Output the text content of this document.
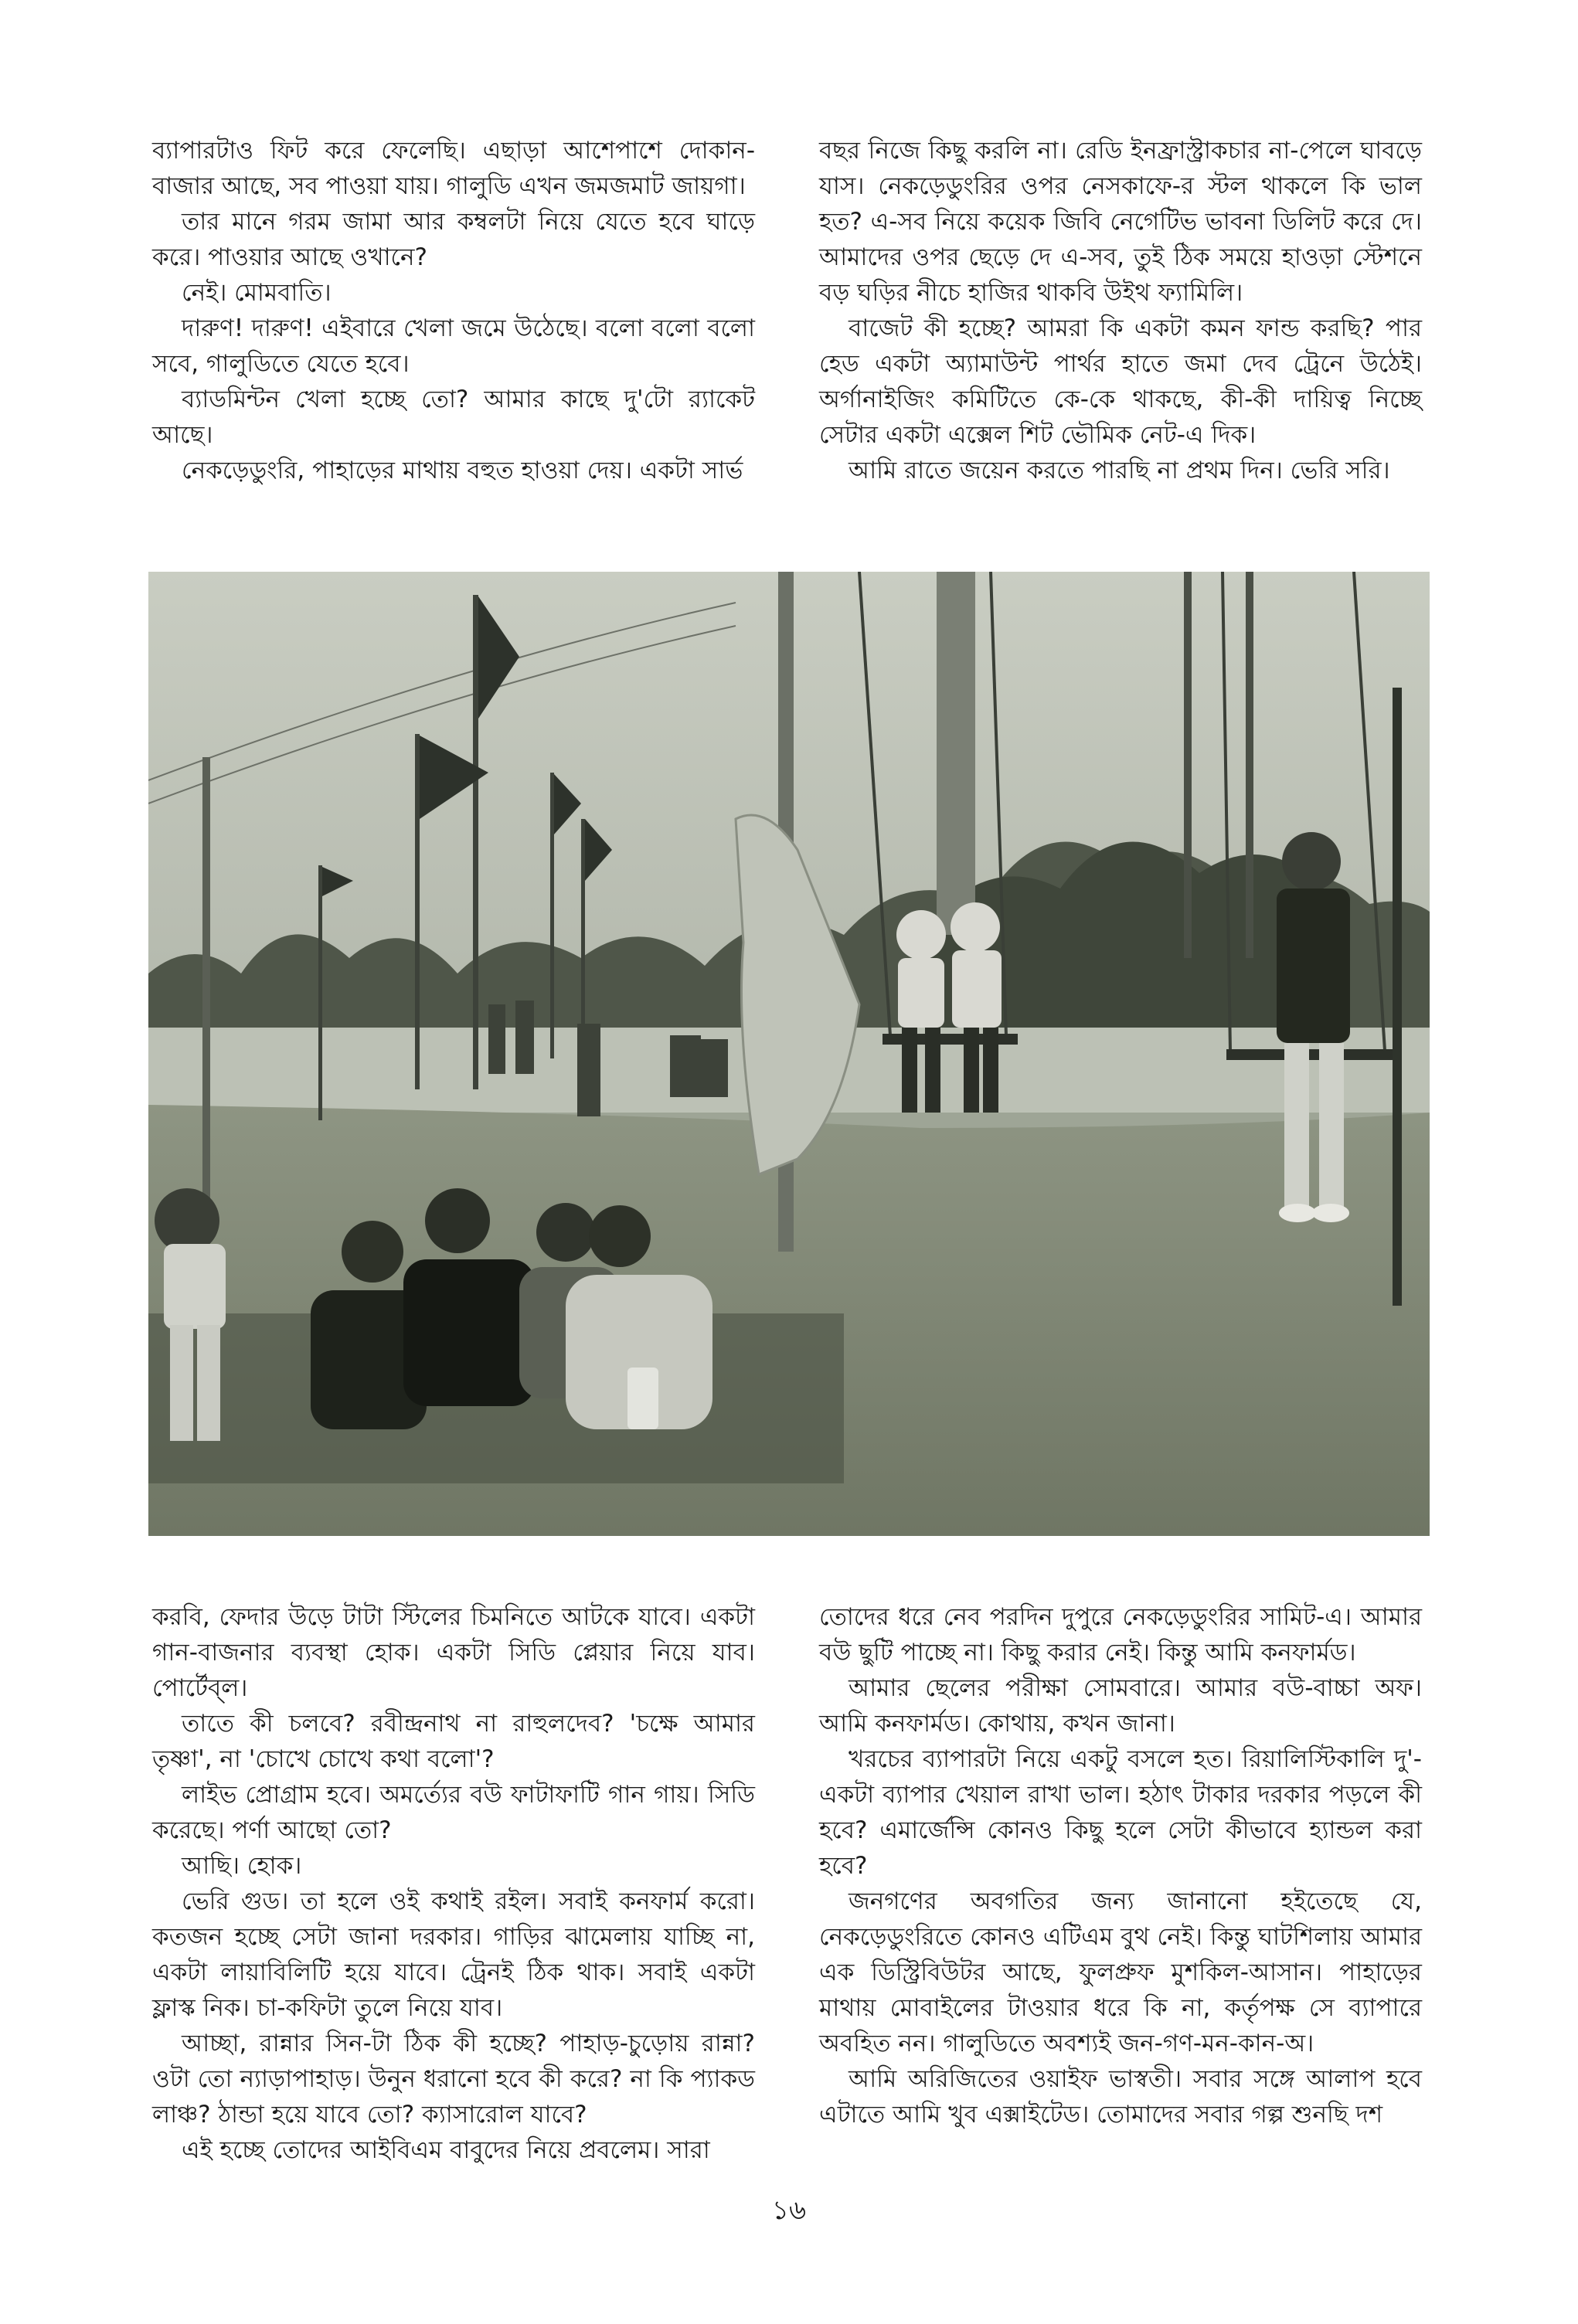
ব্যাপারটাও ফিট করে ফেলেছি। এছাড়া আশেপাশে দোকান-বাজার আছে, সব পাওয়া যায়। গালুডি এখন জমজমাট জায়গা।

তার মানে গরম জামা আর কম্বলটা নিয়ে যেতে হবে ঘাড়ে করে। পাওয়ার আছে ওখানে?

নেই। মোমবাতি।

দারুণ! দারুণ! এইবারে খেলা জমে উঠেছে। বলো বলো বলো সবে, গালুডিতে যেতে হবে।

ব্যাডমিন্টন খেলা হচ্ছে তো? আমার কাছে দু'টো র‍্যাকেট আছে।

নেকড়েডুংরি, পাহাড়ের মাথায় বহুত হাওয়া দেয়। একটা সার্ভ

বছর নিজে কিছু করলি না। রেডি ইনফ্রাস্ট্রাকচার না-পেলে ঘাবড়ে যাস। নেকড়েডুংরির ওপর নেসকাফে-র স্টল থাকলে কি ভাল হত? এ-সব নিয়ে কয়েক জিবি নেগেটিভ ভাবনা ডিলিট করে দে। আমাদের ওপর ছেড়ে দে এ-সব, তুই ঠিক সময়ে হাওড়া স্টেশনে বড় ঘড়ির নীচে হাজির থাকবি উইথ ফ্যামিলি।

বাজেট কী হচ্ছে? আমরা কি একটা কমন ফান্ড করছি? পার হেড একটা অ্যামাউন্ট পার্থর হাতে জমা দেব ট্রেনে উঠেই। অর্গানাইজিং কমিটিতে কে-কে থাকছে, কী-কী দায়িত্ব নিচ্ছে সেটার একটা এক্সেল শিট ভৌমিক নেট-এ দিক।

আমি রাতে জয়েন করতে পারছি না প্রথম দিন। ভেরি সরি।

করবি, ফেদার উড়ে টাটা স্টিলের চিমনিতে আটকে যাবে। একটা গান-বাজনার ব্যবস্থা হোক। একটা সিডি প্লেয়ার নিয়ে যাব। পোর্টেব্‌ল।

তাতে কী চলবে? রবীন্দ্রনাথ না রাহুলদেব? 'চক্ষে আমার তৃষ্ণা', না 'চোখে চোখে কথা বলো'?

লাইভ প্রোগ্রাম হবে। অমর্ত্যের বউ ফাটাফাটি গান গায়। সিডি করেছে। পর্ণা আছো তো?

আছি। হোক।

ভেরি গুড। তা হলে ওই কথাই রইল। সবাই কনফার্ম করো। কতজন হচ্ছে সেটা জানা দরকার। গাড়ির ঝামেলায় যাচ্ছি না, একটা লায়াবিলিটি হয়ে যাবে। ট্রেনই ঠিক থাক। সবাই একটা ফ্লাস্ক নিক। চা-কফিটা তুলে নিয়ে যাব।

আচ্ছা, রান্নার সিন-টা ঠিক কী হচ্ছে? পাহাড়-চুড়োয় রান্না? ওটা তো ন্যাড়াপাহাড়। উনুন ধরানো হবে কী করে? না কি প্যাকড লাঞ্চ? ঠান্ডা হয়ে যাবে তো? ক্যাসারোল যাবে?

এই হচ্ছে তোদের আইবিএম বাবুদের নিয়ে প্রবলেম। সারা

তোদের ধরে নেব পরদিন দুপুরে নেকড়েডুংরির সামিট-এ। আমার বউ ছুটি পাচ্ছে না। কিছু করার নেই। কিন্তু আমি কনফার্মড।

আমার ছেলের পরীক্ষা সোমবারে। আমার বউ-বাচ্চা অফ। আমি কনফার্মড। কোথায়, কখন জানা।

খরচের ব্যাপারটা নিয়ে একটু বসলে হত। রিয়ালিস্টিকালি দু'-একটা ব্যাপার খেয়াল রাখা ভাল। হঠাৎ টাকার দরকার পড়লে কী হবে? এমার্জেন্সি কোনও কিছু হলে সেটা কীভাবে হ্যান্ডল করা হবে?

জনগণের অবগতির জন্য জানানো হইতেছে যে, নেকড়েডুংরিতে কোনও এটিএম বুথ নেই। কিন্তু ঘাটশিলায় আমার এক ডিস্ট্রিবিউটর আছে, ফুলপ্রুফ মুশকিল-আসান। পাহাড়ের মাথায় মোবাইলের টাওয়ার ধরে কি না, কর্তৃপক্ষ সে ব্যাপারে অবহিত নন। গালুডিতে অবশ্যই জন-গণ-মন-কান-অ।

আমি অরিজিতের ওয়াইফ ভাস্বতী। সবার সঙ্গে আলাপ হবে এটাতে আমি খুব এক্সাইটেড। তোমাদের সবার গল্প শুনছি দশ

১৬
